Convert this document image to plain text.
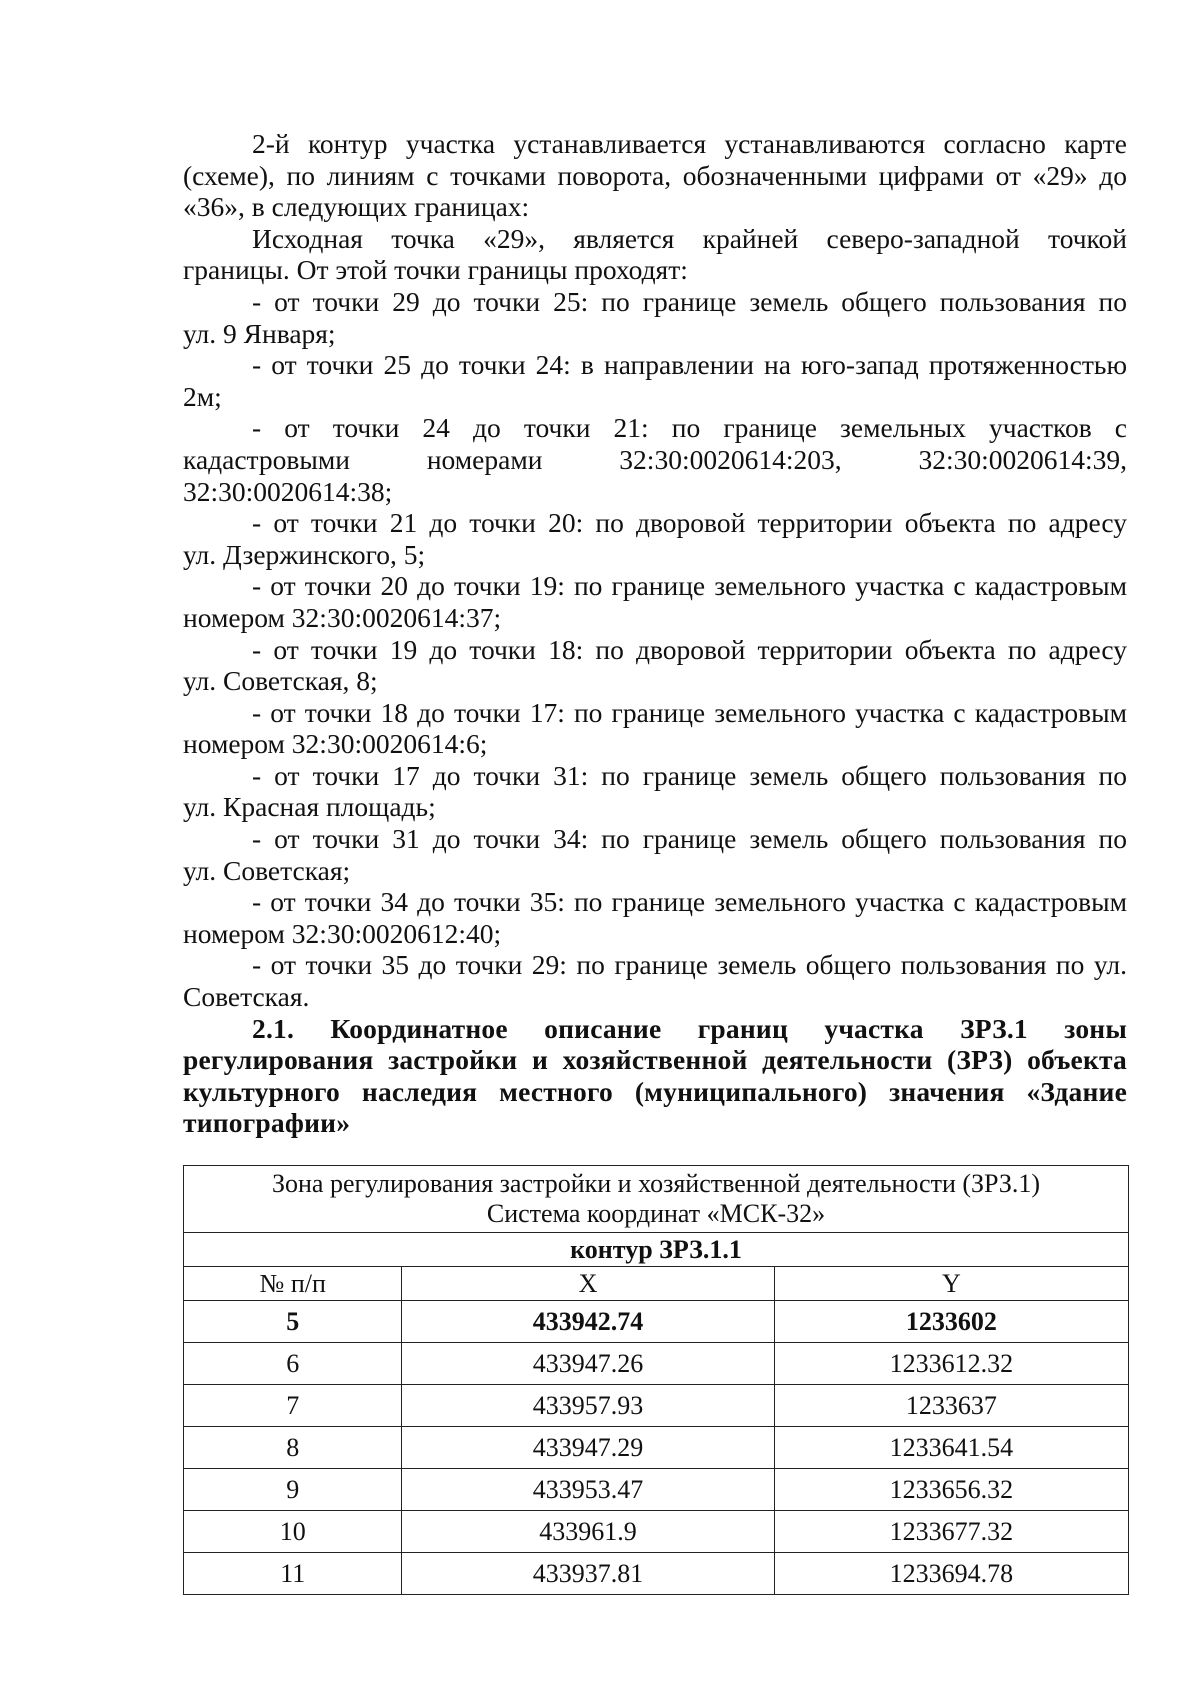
2-й контур участка устанавливается устанавливаются согласно карте
(схеме), по линиям с точками поворота, обозначенными цифрами от «29» до
«36», в следующих границах:
Исходная точка «29», является крайней северо-западной точкой
границы. От этой точки границы проходят:
- от точки 29 до точки 25: по границе земель общего пользования по
ул. 9 Января;
- от точки 25 до точки 24: в направлении на юго-запад протяженностью
2м;
- от точки 24 до точки 21: по границе земельных участков с
кадастровыми номерами 32:30:0020614:203, 32:30:0020614:39,
32:30:0020614:38;
- от точки 21 до точки 20: по дворовой территории объекта по адресу
ул. Дзержинского, 5;
- от точки 20 до точки 19: по границе земельного участка с кадастровым
номером 32:30:0020614:37;
- от точки 19 до точки 18: по дворовой территории объекта по адресу
ул. Советская, 8;
- от точки 18 до точки 17: по границе земельного участка с кадастровым
номером 32:30:0020614:6;
- от точки 17 до точки 31: по границе земель общего пользования по
ул. Красная площадь;
- от точки 31 до точки 34: по границе земель общего пользования по
ул. Советская;
- от точки 34 до точки 35: по границе земельного участка с кадастровым
номером 32:30:0020612:40;
- от точки 35 до точки 29: по границе земель общего пользования по ул.
Советская.
2.1. Координатное описание границ участка ЗРЗ.1 зоны
регулирования застройки и хозяйственной деятельности (ЗРЗ) объекта
культурного наследия местного (муниципального) значения «Здание
типографии»
Зона регулирования застройки и хозяйственной деятельности (ЗРЗ.1)
Система координат «МСК-32»		

контур ЗРЗ.1.1		
№ п/п	X	Y
5	433942.74	1233602
6	433947.26	1233612.32
7	433957.93	1233637
8	433947.29	1233641.54
9	433953.47	1233656.32
10	433961.9	1233677.32
11	433937.81	1233694.78
